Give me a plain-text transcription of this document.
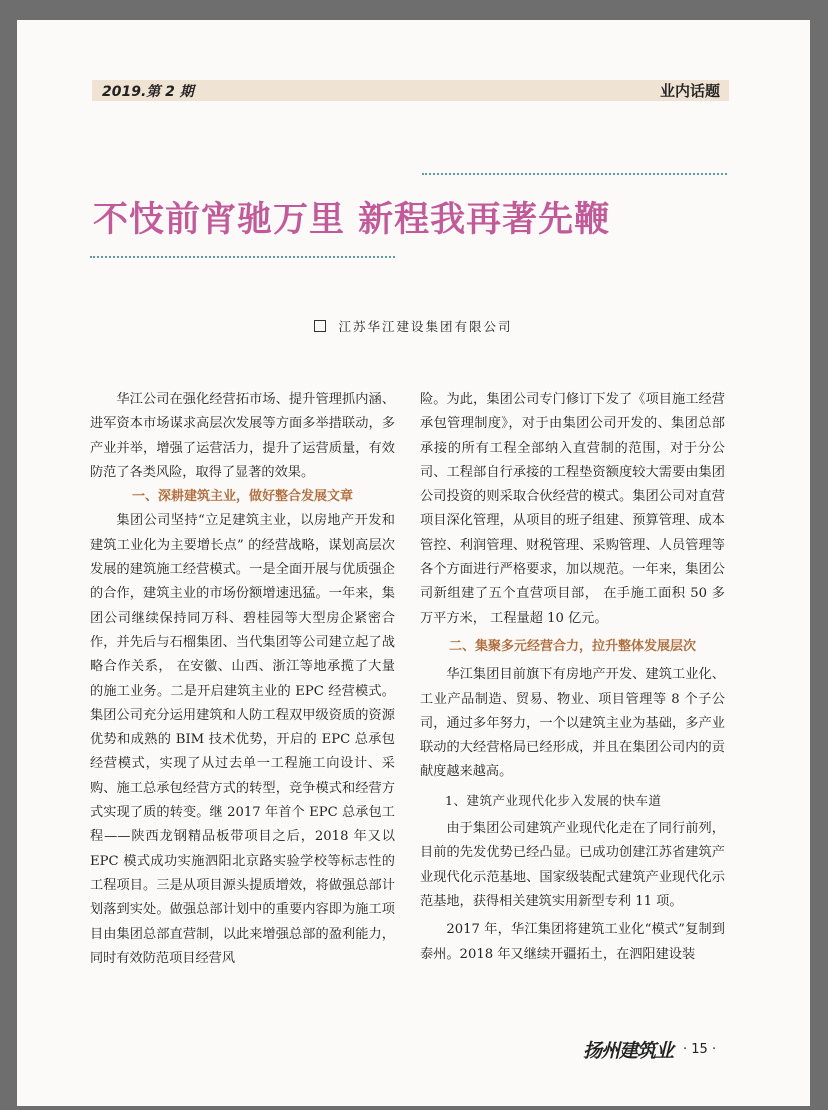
2019.第 2 期	业内话题
不忮前宵驰万里 新程我再著先鞭
江苏华江建设集团有限公司

华江公司在强化经营拓市场、提升管理抓内涵、进军资本市场谋求高层次发展等方面多举措联动，多产业并举，增强了运营活力，提升了运营质量，有效防范了各类风险，取得了显著的效果。

一、深耕建筑主业，做好整合发展文章

集团公司坚持“立足建筑主业，以房地产开发和建筑工业化为主要增长点” 的经营战略，谋划高层次发展的建筑施工经营模式。一是全面开展与优质强企的合作，建筑主业的市场份额增速迅猛。一年来，集团公司继续保持同万科、碧桂园等大型房企紧密合作，并先后与石榴集团、当代集团等公司建立起了战略合作关系， 在安徽、山西、浙江等地承揽了大量的施工业务。二是开启建筑主业的 EPC 经营模式。集团公司充分运用建筑和人防工程双甲级资质的资源优势和成熟的 BIM 技术优势，开启的 EPC 总承包经营模式，实现了从过去单一工程施工向设计、采购、施工总承包经营方式的转型，竞争模式和经营方式实现了质的转变。继 2017 年首个 EPC 总承包工程——陕西龙钢精品板带项目之后，2018 年又以 EPC 模式成功实施泗阳北京路实验学校等标志性的工程项目。三是从项目源头提质增效，将做强总部计划落到实处。做强总部计划中的重要内容即为施工项目由集团总部直营制，以此来增强总部的盈利能力， 同时有效防范项目经营风

险。为此，集团公司专门修订下发了《项目施工经营承包管理制度》，对于由集团公司开发的、集团总部承接的所有工程全部纳入直营制的范围，对于分公司、工程部自行承接的工程垫资额度较大需要由集团公司投资的则采取合伙经营的模式。集团公司对直营项目深化管理，从项目的班子组建、预算管理、成本管控、利润管理、财税管理、采购管理、人员管理等各个方面进行严格要求，加以规范。一年来，集团公司新组建了五个直营项目部， 在手施工面积 50 多万平方米， 工程量超 10 亿元。

二、集聚多元经营合力，拉升整体发展层次

华江集团目前旗下有房地产开发、建筑工业化、工业产品制造、贸易、物业、项目管理等 8 个子公司，通过多年努力，一个以建筑主业为基础，多产业联动的大经营格局已经形成，并且在集团公司内的贡献度越来越高。

1、建筑产业现代化步入发展的快车道

由于集团公司建筑产业现代化走在了同行前列，目前的先发优势已经凸显。已成功创建江苏省建筑产业现代化示范基地、国家级装配式建筑产业现代化示范基地，获得相关建筑实用新型专利 11 项。

2017 年，华江集团将建筑工业化“模式”复制到泰州。2018 年又继续开疆拓土，在泗阳建设装

扬州建筑业 · 15 ·
